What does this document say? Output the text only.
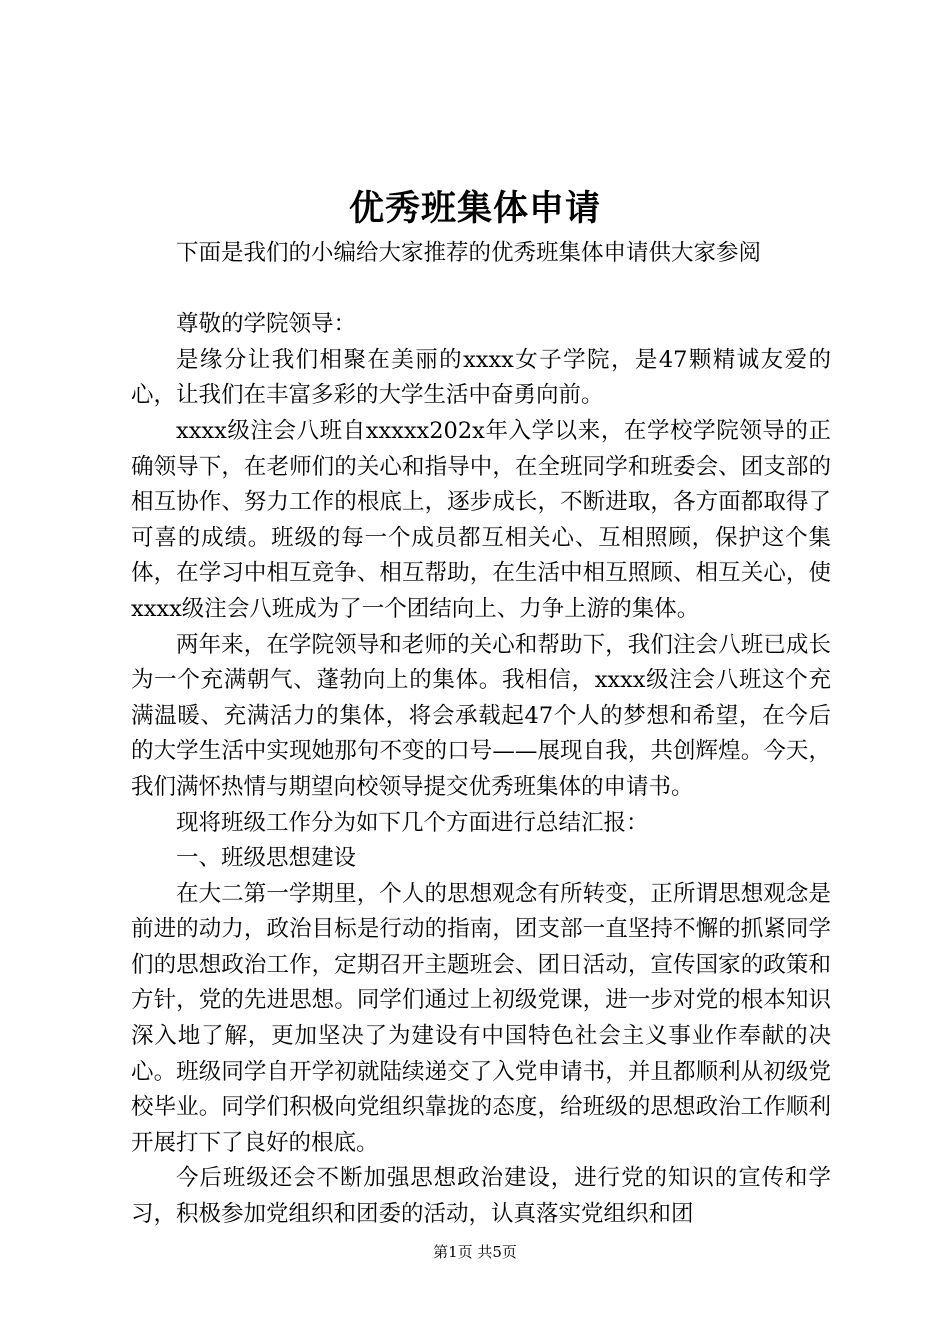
优秀班集体申请

下面是我们的小编给大家推荐的优秀班集体申请供大家参阅

尊敬的学院领导：

是缘分让我们相聚在美丽的xxxx女子学院，是47颗精诚友爱的心，让我们在丰富多彩的大学生活中奋勇向前。

xxxx级注会八班自xxxxx202x年入学以来，在学校学院领导的正确领导下，在老师们的关心和指导中，在全班同学和班委会、团支部的相互协作、努力工作的根底上，逐步成长，不断进取，各方面都取得了可喜的成绩。班级的每一个成员都互相关心、互相照顾，保护这个集体，在学习中相互竞争、相互帮助，在生活中相互照顾、相互关心，使xxxx级注会八班成为了一个团结向上、力争上游的集体。

两年来，在学院领导和老师的关心和帮助下，我们注会八班已成长为一个充满朝气、蓬勃向上的集体。我相信，xxxx级注会八班这个充满温暖、充满活力的集体，将会承载起47个人的梦想和希望，在今后的大学生活中实现她那句不变的口号——展现自我，共创辉煌。今天，我们满怀热情与期望向校领导提交优秀班集体的申请书。

现将班级工作分为如下几个方面进行总结汇报：

一、班级思想建设

在大二第一学期里，个人的思想观念有所转变，正所谓思想观念是前进的动力，政治目标是行动的指南，团支部一直坚持不懈的抓紧同学们的思想政治工作，定期召开主题班会、团日活动，宣传国家的政策和方针，党的先进思想。同学们通过上初级党课，进一步对党的根本知识深入地了解，更加坚决了为建设有中国特色社会主义事业作奉献的决心。班级同学自开学初就陆续递交了入党申请书，并且都顺利从初级党校毕业。同学们积极向党组织靠拢的态度，给班级的思想政治工作顺利开展打下了良好的根底。

今后班级还会不断加强思想政治建设，进行党的知识的宣传和学习，积极参加党组织和团委的活动，认真落实党组织和团

第1页 共5页
